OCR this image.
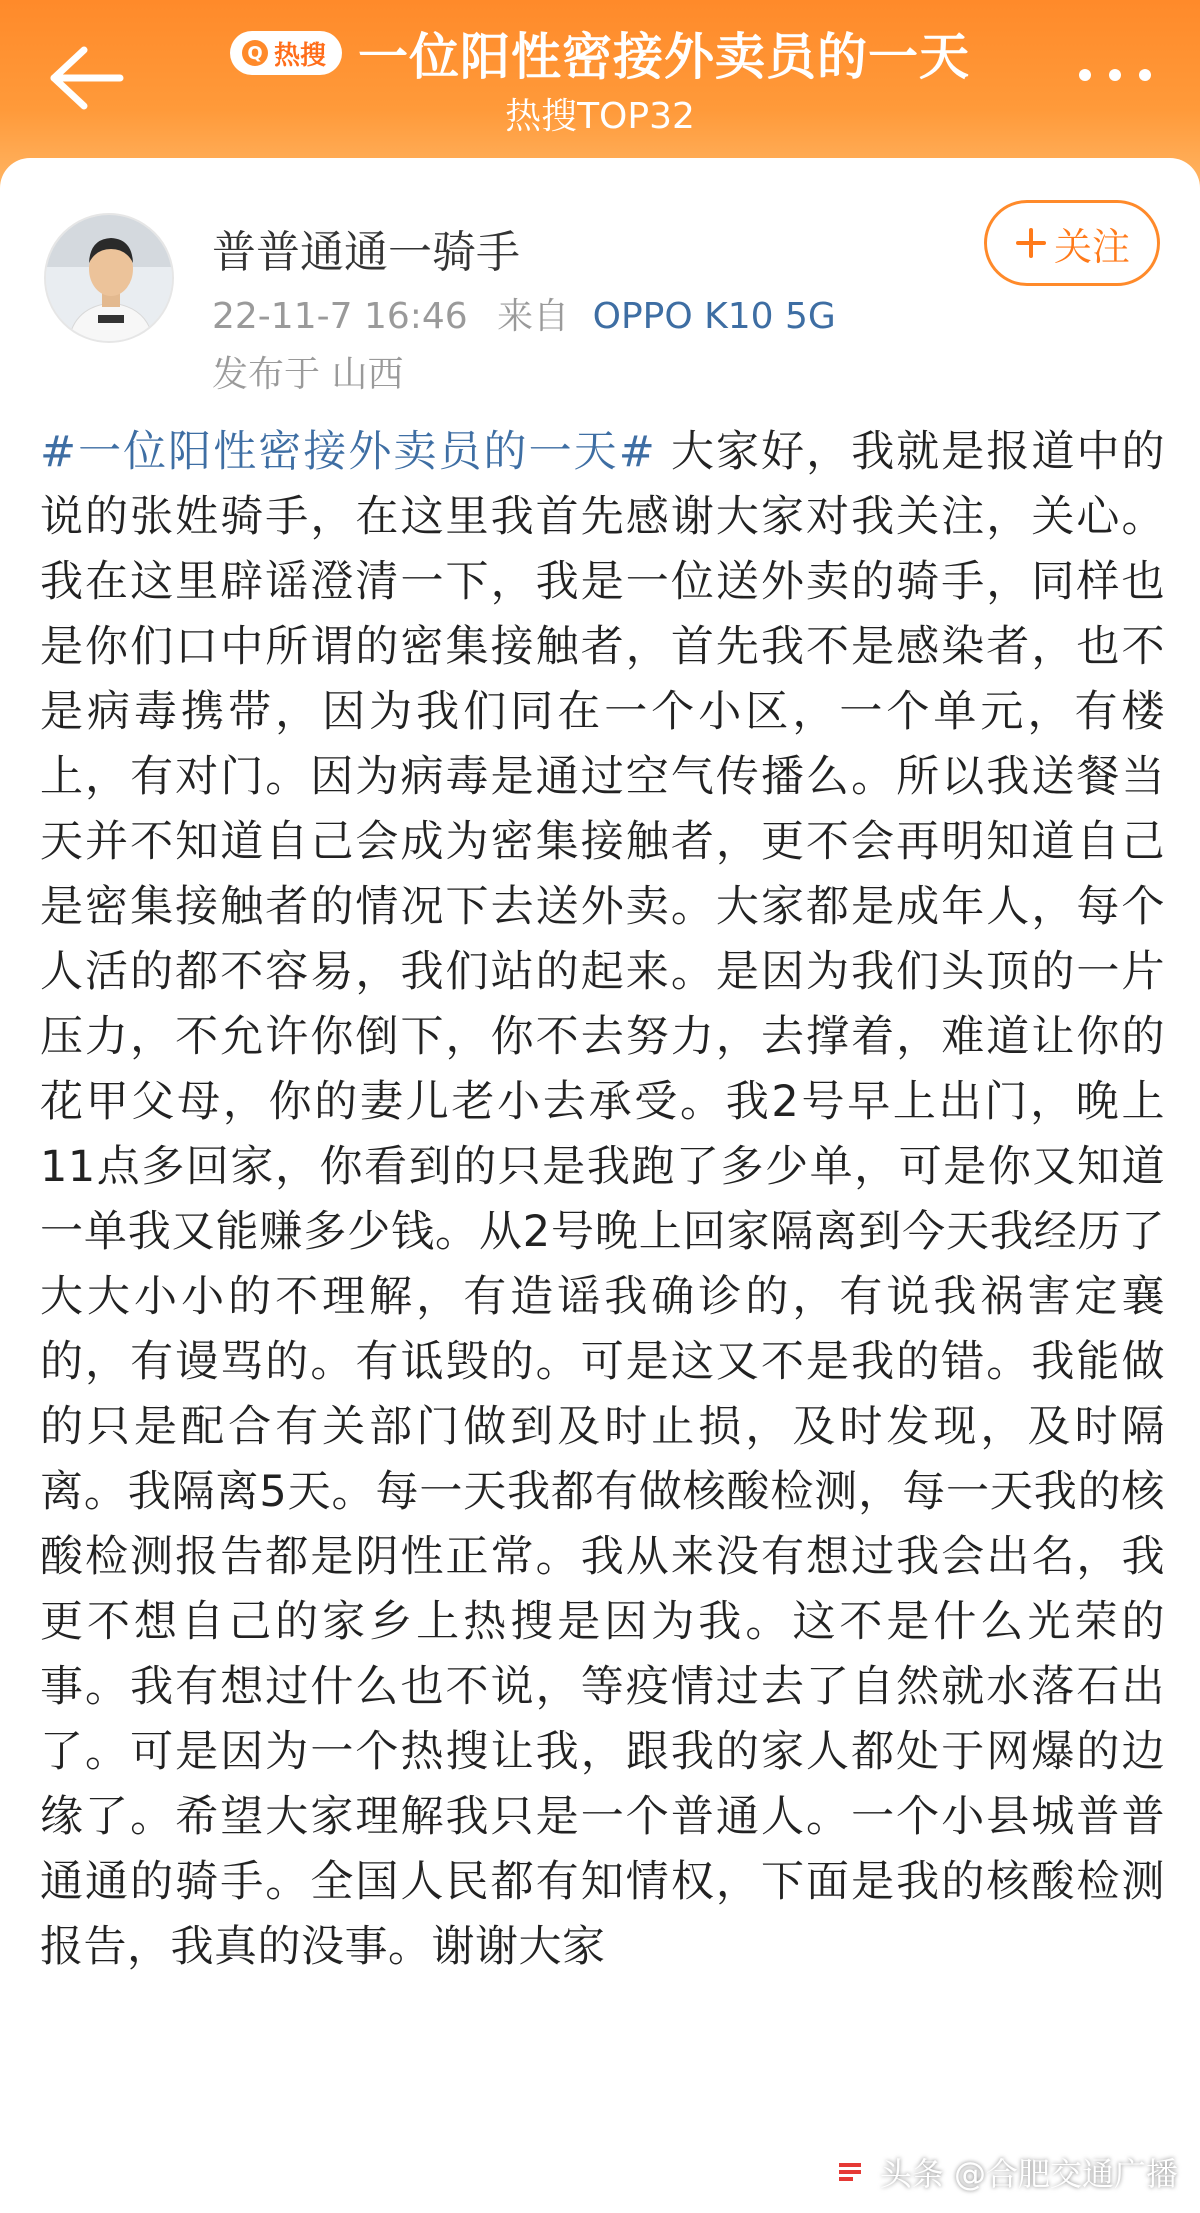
Q 热搜 一位阳性密接外卖员的一天
热搜TOP32
普普通通一骑手
22-11-7 16:46 来自 OPPO K10 5G
发布于 山西
关注
#一位阳性密接外卖员的一天# 大家好，我就是报道中的说的张姓骑手，在这里我首先感谢大家对我关注，关心。我在这里辟谣澄清一下，我是一位送外卖的骑手，同样也是你们口中所谓的密集接触者，首先我不是感染者，也不是病毒携带，因为我们同在一个小区，一个单元，有楼上，有对门。因为病毒是通过空气传播么。所以我送餐当天并不知道自己会成为密集接触者，更不会再明知道自己是密集接触者的情况下去送外卖。大家都是成年人，每个人活的都不容易，我们站的起来。是因为我们头顶的一片压力，不允许你倒下，你不去努力，去撑着，难道让你的花甲父母，你的妻儿老小去承受。我2号早上出门，晚上11点多回家，你看到的只是我跑了多少单，可是你又知道一单我又能赚多少钱。从2号晚上回家隔离到今天我经历了大大小小的不理解，有造谣我确诊的，有说我祸害定襄的，有谩骂的。有诋毁的。可是这又不是我的错。我能做的只是配合有关部门做到及时止损，及时发现，及时隔离。我隔离5天。每一天我都有做核酸检测，每一天我的核酸检测报告都是阴性正常。我从来没有想过我会出名，我更不想自己的家乡上热搜是因为我。这不是什么光荣的事。我有想过什么也不说，等疫情过去了自然就水落石出了。可是因为一个热搜让我，跟我的家人都处于网爆的边缘了。希望大家理解我只是一个普通人。一个小县城普普通通的骑手。全国人民都有知情权，下面是我的核酸检测报告，我真的没事。谢谢大家
头条 @合肥交通广播
